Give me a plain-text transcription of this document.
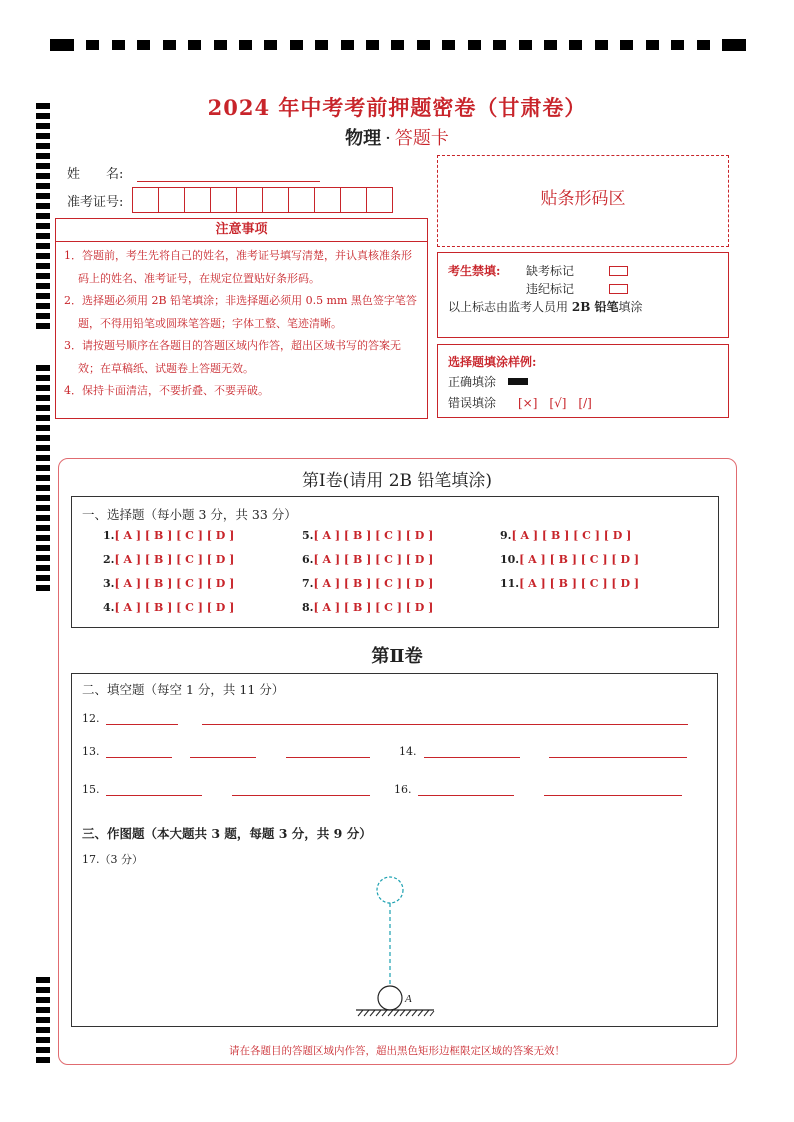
2024 年中考考前押题密卷（甘肃卷）
物理 · 答题卡
姓　　名:
准考证号:
注意事项
1．答题前，考生先将自己的姓名，准考证号填写清楚，并认真核准条形码上的姓名、准考证号，在规定位置贴好条形码。
2．选择题必须用 2B 铅笔填涂；非选择题必须用 0.5 mm 黑色签字笔答题，不得用铅笔或圆珠笔答题；字体工整、笔迹清晰。
3．请按题号顺序在各题目的答题区域内作答，超出区域书写的答案无效；在草稿纸、试题卷上答题无效。
4．保持卡面清洁，不要折叠、不要弄破。
贴条形码区
考生禁填: 缺考标记
违纪标记
以上标志由监考人员用 2B 铅笔填涂
选择题填涂样例:
正确填涂
错误填涂 [×]　[√]　[/]
第Ⅰ卷(请用 2B 铅笔填涂)
一、选择题（每小题 3 分，共 33 分）
1.[ A ] [ B ] [ C ] [ D ]
2.[ A ] [ B ] [ C ] [ D ]
3.[ A ] [ B ] [ C ] [ D ]
4.[ A ] [ B ] [ C ] [ D ]
5.[ A ] [ B ] [ C ] [ D ]
6.[ A ] [ B ] [ C ] [ D ]
7.[ A ] [ B ] [ C ] [ D ]
8.[ A ] [ B ] [ C ] [ D ]
9.[ A ] [ B ] [ C ] [ D ]
10.[ A ] [ B ] [ C ] [ D ]
11.[ A ] [ B ] [ C ] [ D ]
第Ⅱ卷
二、填空题（每空 1 分，共 11 分）
12.
13.	14.
15.	16.
三、作图题（本大题共 3 题，每题 3 分，共 9 分）
17.（3 分）
A
请在各题目的答题区域内作答，超出黑色矩形边框限定区域的答案无效！
